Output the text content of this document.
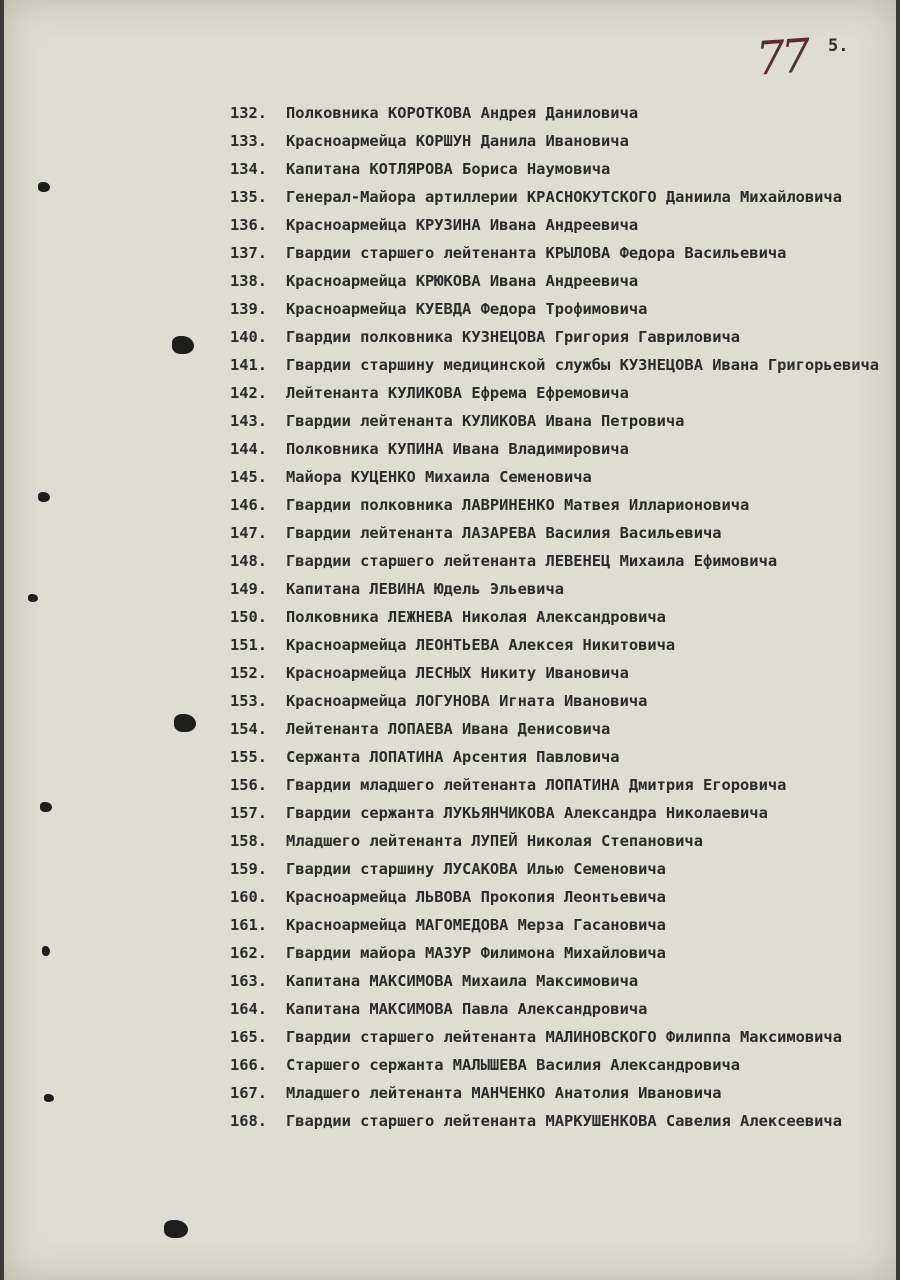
77 5.
132. Полковника КОРОТКОВА Андрея Даниловича
133. Красноармейца КОРШУН Данила Ивановича
134. Капитана КОТЛЯРОВА Бориса Наумовича
135. Генерал-Майора артиллерии КРАСНОКУТСКОГО Даниила Михайловича
136. Красноармейца КРУЗИНА Ивана Андреевича
137. Гвардии старшего лейтенанта КРЫЛОВА Федора Васильевича
138. Красноармейца КРЮКОВА Ивана Андреевича
139. Красноармейца КУЕВДА Федора Трофимовича
140. Гвардии полковника КУЗНЕЦОВА Григория Гавриловича
141. Гвардии старшину медицинской службы КУЗНЕЦОВА Ивана Григорьевича
142. Лейтенанта КУЛИКОВА Ефрема Ефремовича
143. Гвардии лейтенанта КУЛИКОВА Ивана Петровича
144. Полковника КУПИНА Ивана Владимировича
145. Майора КУЦЕНКО Михаила Семеновича
146. Гвардии полковника ЛАВРИНЕНКО Матвея Илларионовича
147. Гвардии лейтенанта ЛАЗАРЕВА Василия Васильевича
148. Гвардии старшего лейтенанта ЛЕВЕНЕЦ Михаила Ефимовича
149. Капитана ЛЕВИНА Юдель Эльевича
150. Полковника ЛЕЖНЕВА Николая Александровича
151. Красноармейца ЛЕОНТЬЕВА Алексея Никитовича
152. Красноармейца ЛЕСНЫХ Никиту Ивановича
153. Красноармейца ЛОГУНОВА Игната Ивановича
154. Лейтенанта ЛОПАЕВА Ивана Денисовича
155. Сержанта ЛОПАТИНА Арсентия Павловича
156. Гвардии младшего лейтенанта ЛОПАТИНА Дмитрия Егоровича
157. Гвардии сержанта ЛУКЬЯНЧИКОВА Александра Николаевича
158. Младшего лейтенанта ЛУПЕЙ Николая Степановича
159. Гвардии старшину ЛУСАКОВА Илью Семеновича
160. Красноармейца ЛЬВОВА Прокопия Леонтьевича
161. Красноармейца МАГОМЕДОВА Мерза Гасановича
162. Гвардии майора МАЗУР Филимона Михайловича
163. Капитана МАКСИМОВА Михаила Максимовича
164. Капитана МАКСИМОВА Павла Александровича
165. Гвардии старшего лейтенанта МАЛИНОВСКОГО Филиппа Максимовича
166. Старшего сержанта МАЛЫШЕВА Василия Александровича
167. Младшего лейтенанта МАНЧЕНКО Анатолия Ивановича
168. Гвардии старшего лейтенанта МАРКУШЕНКОВА Савелия Алексеевича
